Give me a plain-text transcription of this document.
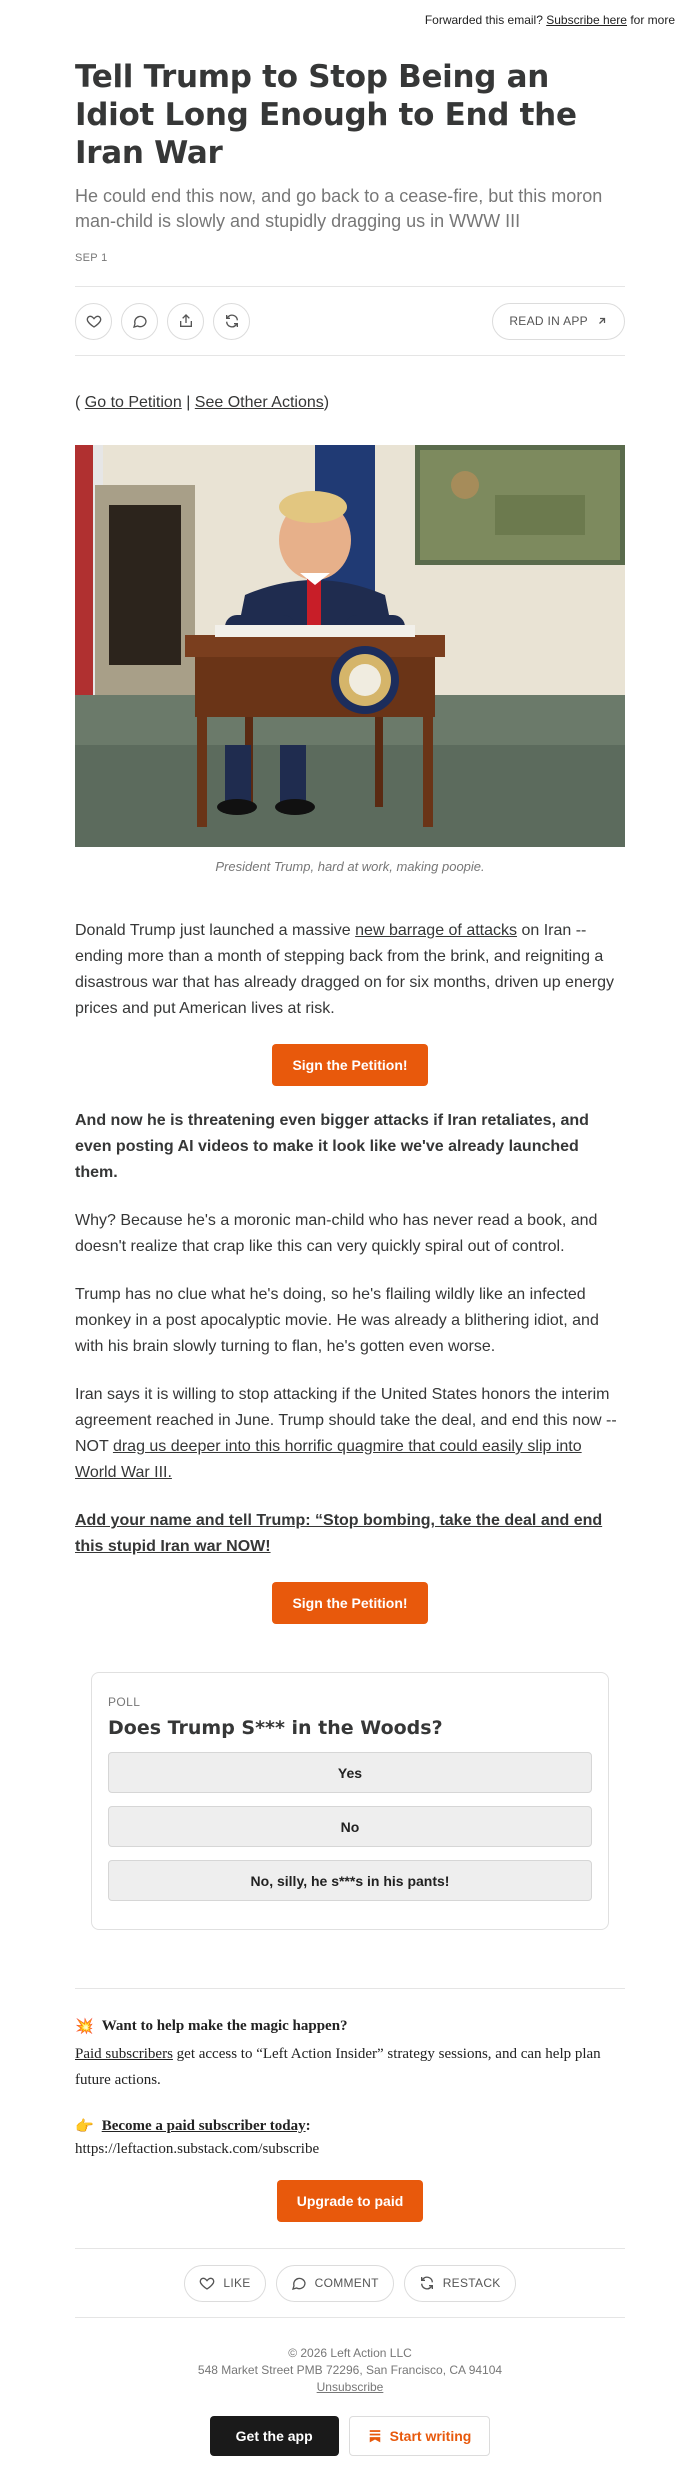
Forwarded this email? Subscribe here for more
Tell Trump to Stop Being an Idiot Long Enough to End the Iran War
He could end this now, and go back to a cease-fire, but this moron man-child is slowly and stupidly dragging us in WWW III
SEP 1
READ IN APP
( Go to Petition | See Other Actions)
President Trump, hard at work, making poopie.

Donald Trump just launched a massive new barrage of attacks on Iran -- ending more than a month of stepping back from the brink, and reigniting a disastrous war that has already dragged on for six months, driven up energy prices and put American lives at risk.

Sign the Petition!

And now he is threatening even bigger attacks if Iran retaliates, and even posting AI videos to make it look like we've already launched them.

Why? Because he's a moronic man-child who has never read a book, and doesn't realize that crap like this can very quickly spiral out of control.

Trump has no clue what he's doing, so he's flailing wildly like an infected monkey in a post apocalyptic movie. He was already a blithering idiot, and with his brain slowly turning to flan, he's gotten even worse.

Iran says it is willing to stop attacking if the United States honors the interim agreement reached in June. Trump should take the deal, and end this now -- NOT drag us deeper into this horrific quagmire that could easily slip into World War III.

Add your name and tell Trump: “Stop bombing, take the deal and end this stupid Iran war NOW!

Sign the Petition!
POLL
Does Trump S*** in the Woods?
Yes
No
No, silly, he s***s in his pants!
💥 Want to help make the magic happen?

Paid subscribers get access to “Left Action Insider” strategy sessions, and can help plan future actions.

👉 Become a paid subscriber today :
https://leftaction.substack.com/subscribe
Upgrade to paid
LIKE	COMMENT	RESTACK
© 2026 Left Action LLC
548 Market Street PMB 72296, San Francisco, CA 94104
Unsubscribe
Get the app	Start writing
